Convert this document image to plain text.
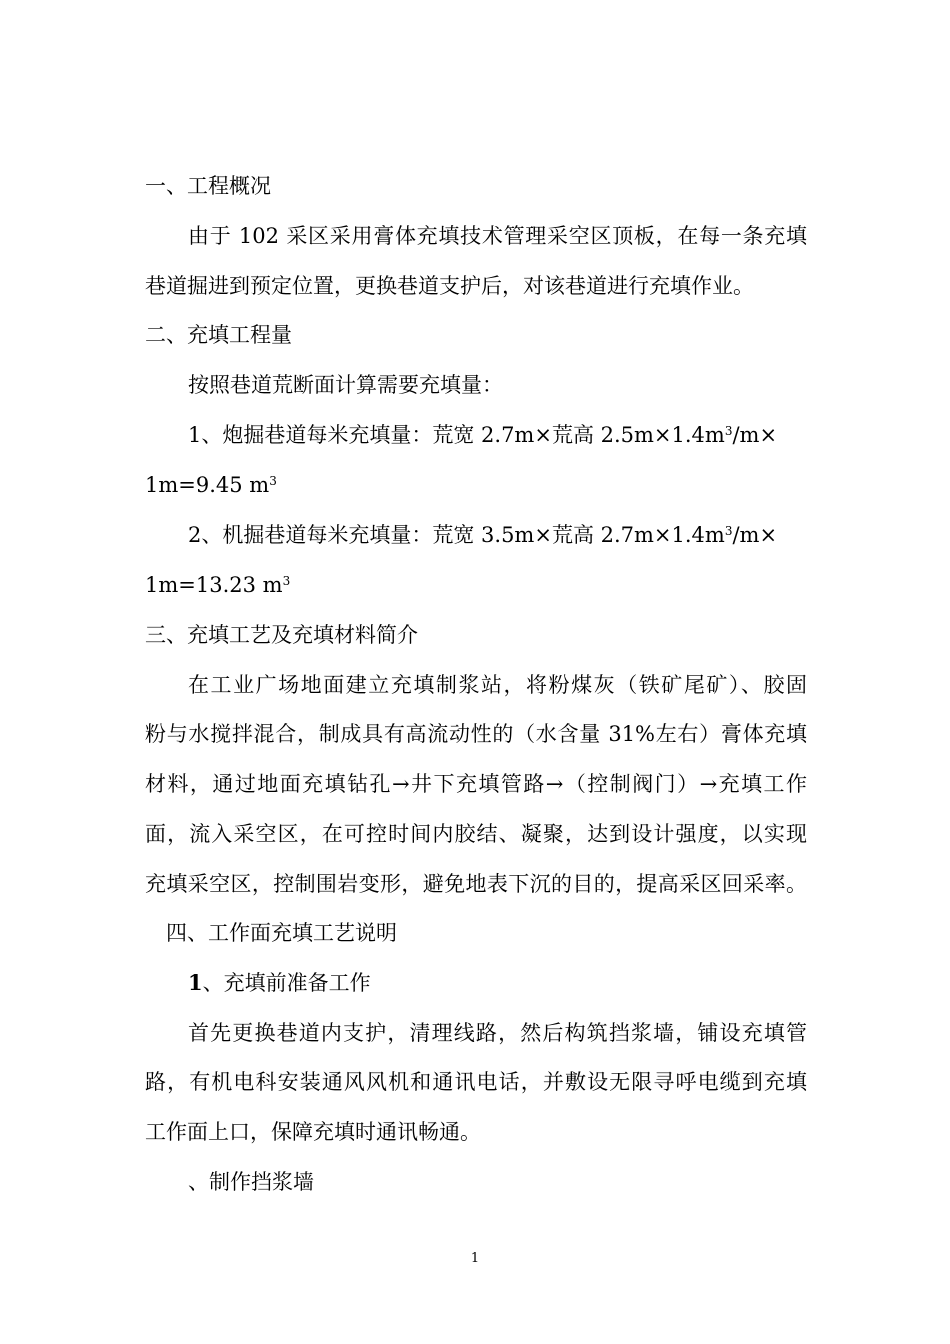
一、工程概况
由于 102 采区采用膏体充填技术管理采空区顶板，在每一条充填
巷道掘进到预定位置，更换巷道支护后，对该巷道进行充填作业。
二、充填工程量
按照巷道荒断面计算需要充填量：
1、炮掘巷道每米充填量：荒宽 2.7m×荒高 $2.5m\times 1.4m^3/m\times$
1m=9.45 $m^3$
2、机掘巷道每米充填量：荒宽 3.5m×荒高 $2.7m\times 1.4m^3/m\times$
1m=13.23 $m^3$
三、充填工艺及充填材料简介
在工业广场地面建立充填制浆站，将粉煤灰（铁矿尾矿）、胶固
粉与水搅拌混合，制成具有高流动性的（水含量 31%左右）膏体充填
材料，通过地面充填钻孔→井下充填管路→（控制阀门）→充填工作
面，流入采空区，在可控时间内胶结、凝聚，达到设计强度，以实现
充填采空区，控制围岩变形，避免地表下沉的目的，提高采区回采率。
四、工作面充填工艺说明
1、充填前准备工作
首先更换巷道内支护，清理线路，然后构筑挡浆墙，铺设充填管
路，有机电科安装通风风机和通讯电话，并敷设无限寻呼电缆到充填
工作面上口，保障充填时通讯畅通。
、制作挡浆墙
1
